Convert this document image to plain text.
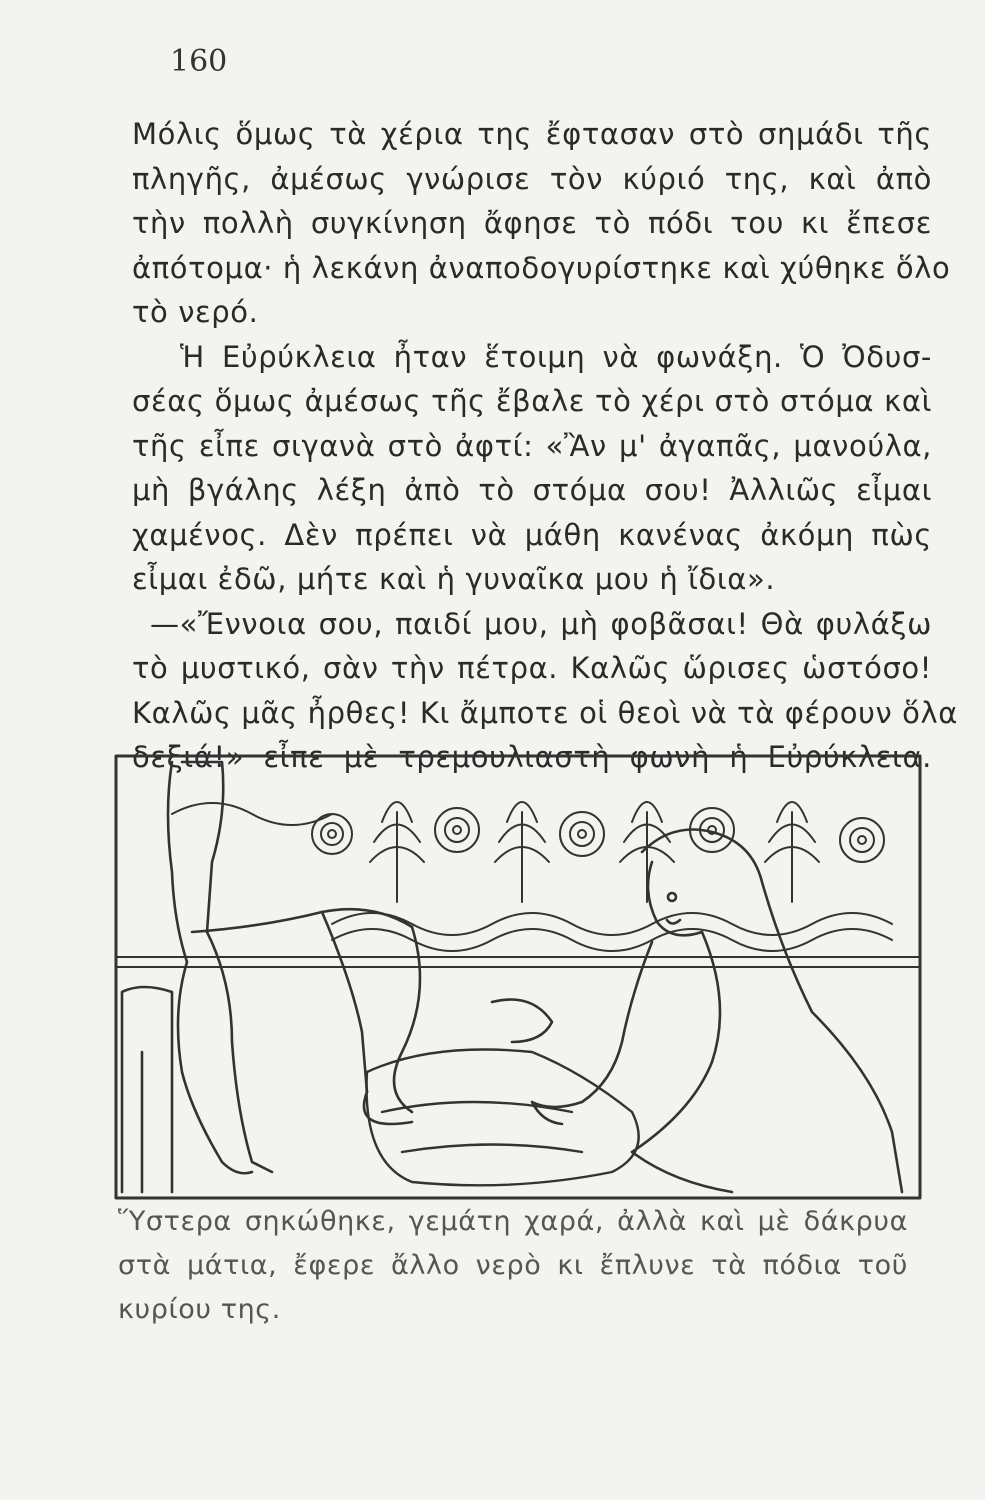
160
Μόλις ὅμως τὰ χέρια της ἔφτασαν στὸ σημάδι τῆς
πληγῆς, ἀμέσως γνώρισε τὸν κύριό της, καὶ ἀπὸ
τὴν πολλὴ συγκίνηση ἄφησε τὸ πόδι του κι ἔπεσε
ἀπότομα· ἡ λεκάνη ἀναποδογυρίστηκε καὶ χύθηκε ὅλο
τὸ νερό.
Ἡ Εὐρύκλεια ἦταν ἕτοιμη νὰ φωνάξη. Ὁ Ὀδυσ-
σέας ὅμως ἀμέσως τῆς ἔβαλε τὸ χέρι στὸ στόμα καὶ
τῆς εἶπε σιγανὰ στὸ ἀφτί: «Ἂν μ' ἀγαπᾶς, μανούλα,
μὴ βγάλης λέξη ἀπὸ τὸ στόμα σου! Ἀλλιῶς εἶμαι
χαμένος. Δὲν πρέπει νὰ μάθη κανένας ἀκόμη πὼς
εἶμαι ἐδῶ, μήτε καὶ ἡ γυναῖκα μου ἡ ἴδια».
—«Ἔννοια σου, παιδί μου, μὴ φοβᾶσαι! Θὰ φυλάξω
τὸ μυστικό, σὰν τὴν πέτρα. Καλῶς ὥρισες ὡστόσο!
Καλῶς μᾶς ἦρθες! Κι ἄμποτε οἱ θεοὶ νὰ τὰ φέρουν ὅλα
δεξιά!» εἶπε μὲ τρεμουλιαστὴ φωνὴ ἡ Εὐρύκλεια.
Ὕστερα σηκώθηκε, γεμάτη χαρά, ἀλλὰ καὶ μὲ δάκρυα
στὰ μάτια, ἔφερε ἄλλο νερὸ κι ἔπλυνε τὰ πόδια τοῦ
κυρίου της.
